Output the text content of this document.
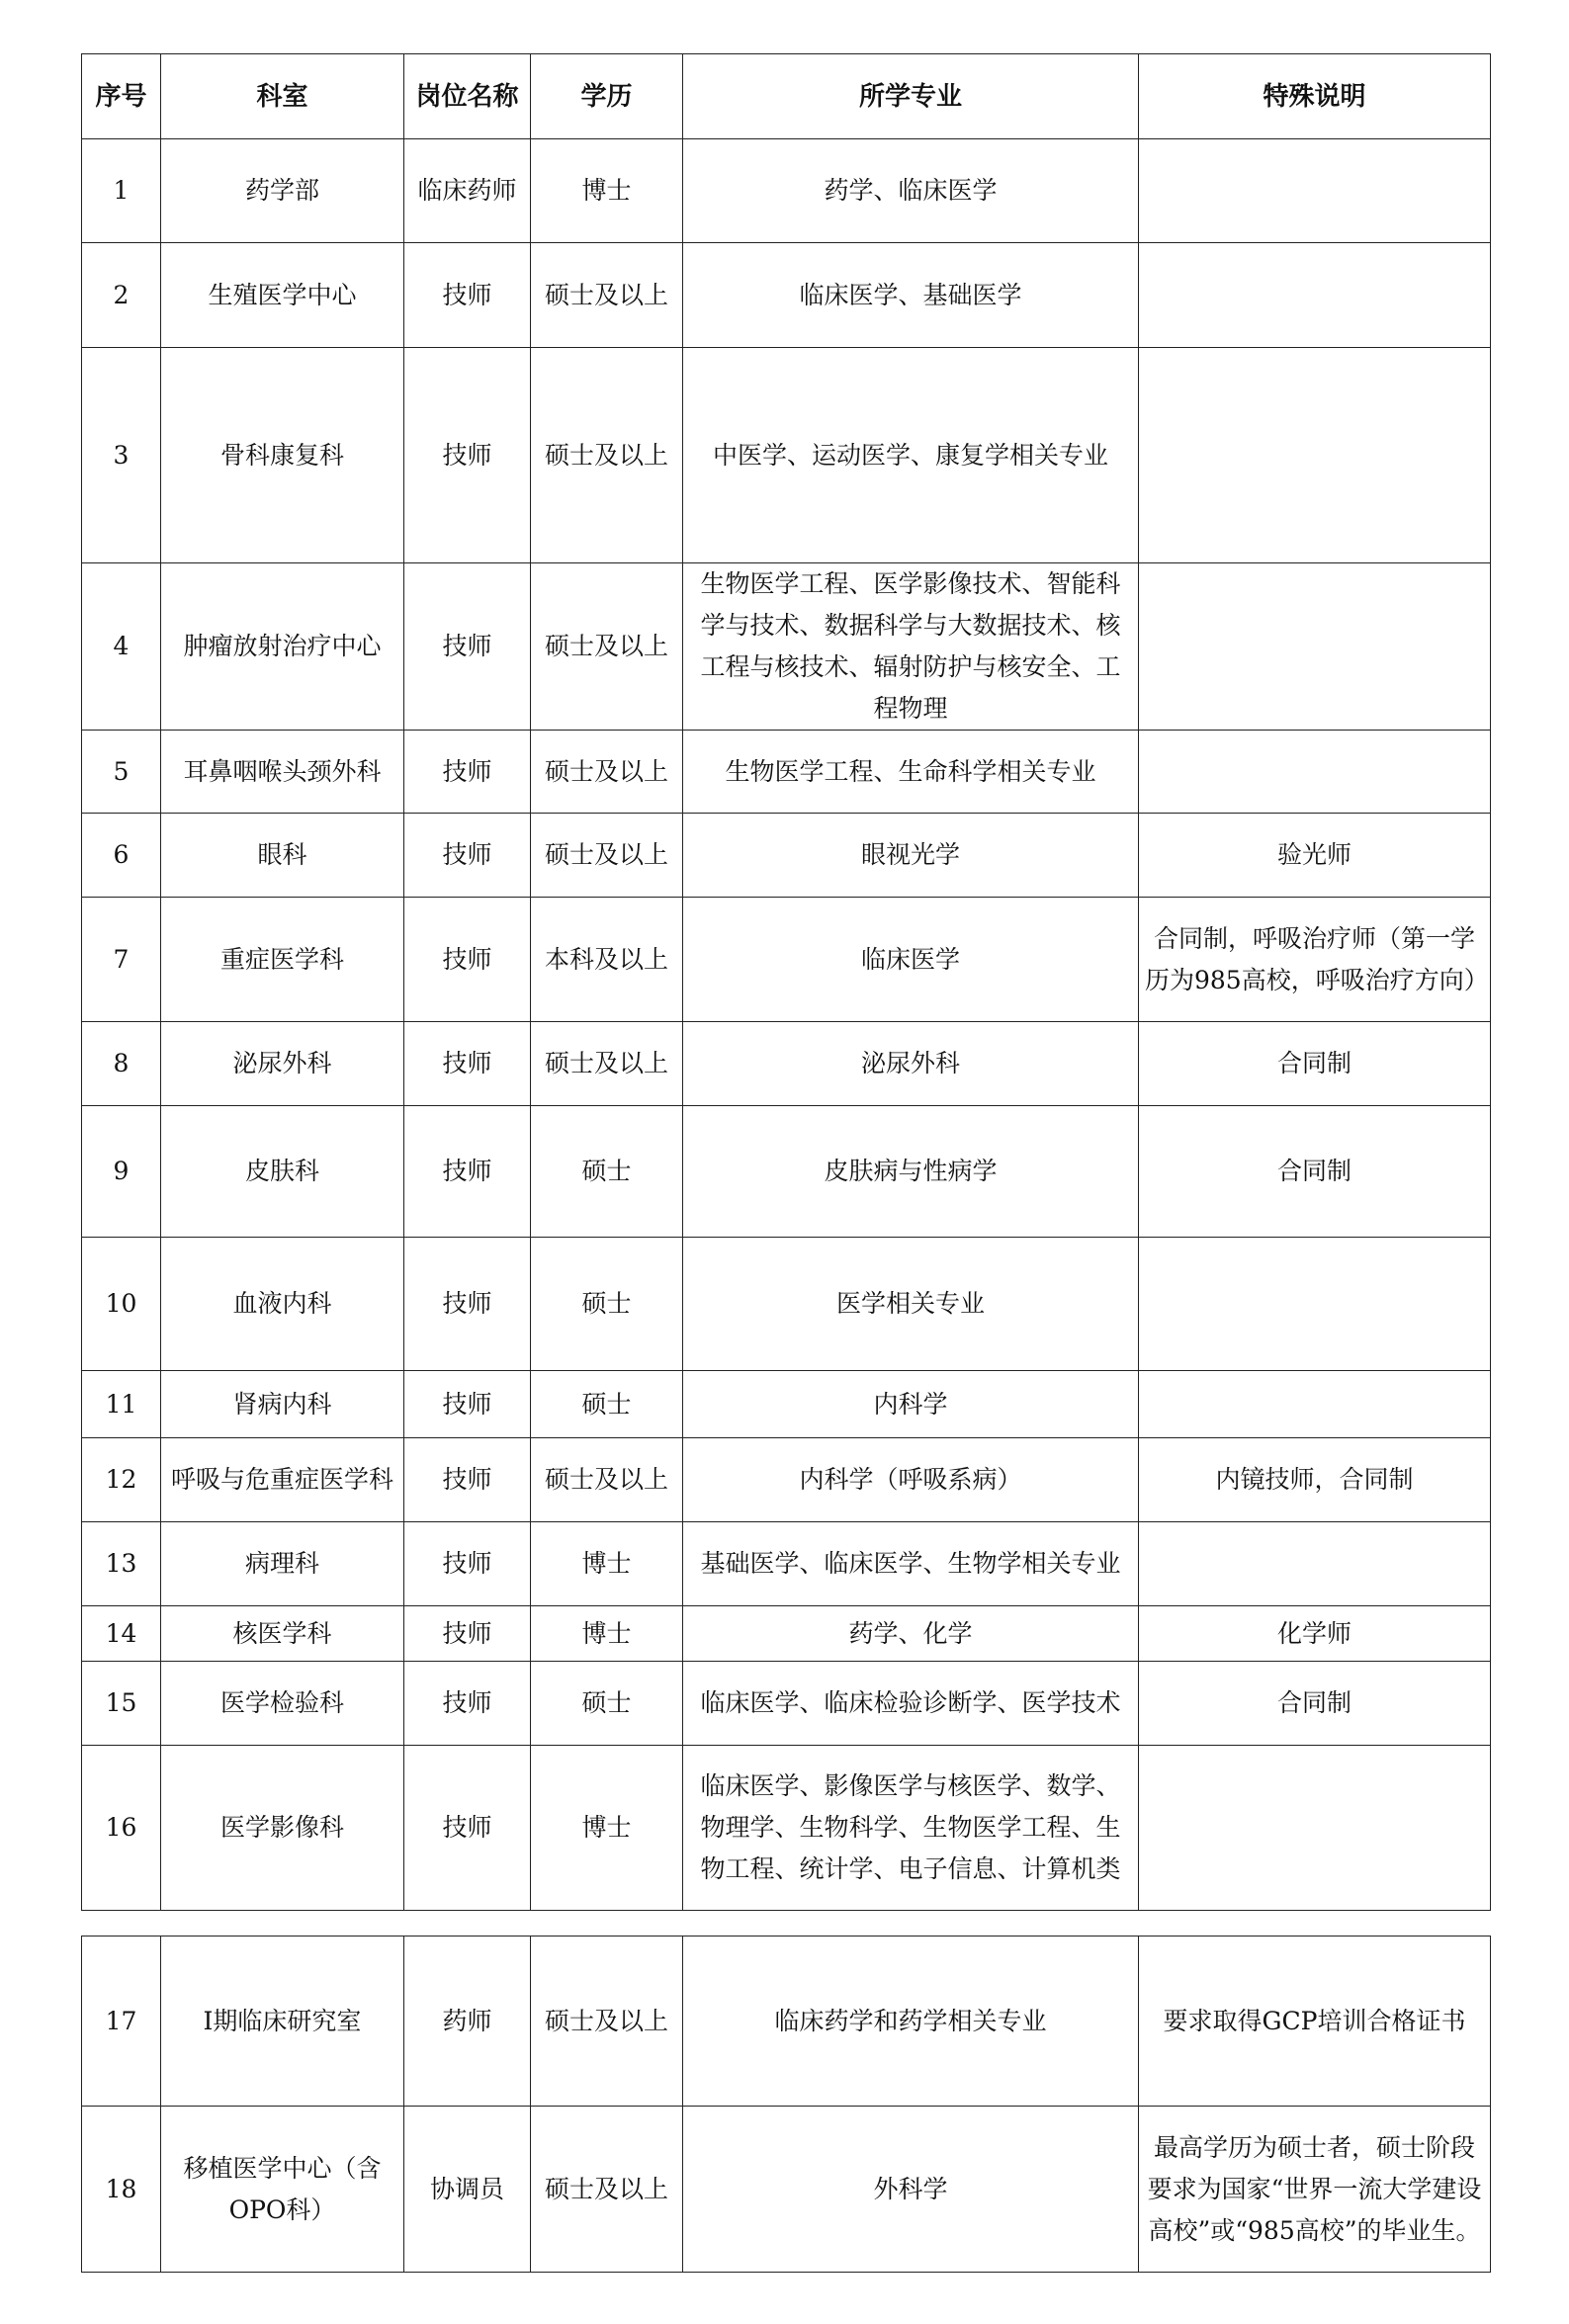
序号	科室	岗位名称	学历	所学专业	特殊说明
1	药学部	临床药师	博士	药学、临床医学	
2	生殖医学中心	技师	硕士及以上	临床医学、基础医学	
3	骨科康复科	技师	硕士及以上	中医学、运动医学、康复学相关专业	
4	肿瘤放射治疗中心	技师	硕士及以上	生物医学工程、医学影像技术、智能科学与技术、数据科学与大数据技术、核工程与核技术、辐射防护与核安全、工程物理	
5	耳鼻咽喉头颈外科	技师	硕士及以上	生物医学工程、生命科学相关专业	
6	眼科	技师	硕士及以上	眼视光学	验光师
7	重症医学科	技师	本科及以上	临床医学	合同制，呼吸治疗师（第一学历为985高校，呼吸治疗方向）
8	泌尿外科	技师	硕士及以上	泌尿外科	合同制
9	皮肤科	技师	硕士	皮肤病与性病学	合同制
10	血液内科	技师	硕士	医学相关专业	
11	肾病内科	技师	硕士	内科学	
12	呼吸与危重症医学科	技师	硕士及以上	内科学（呼吸系病）	内镜技师，合同制
13	病理科	技师	博士	基础医学、临床医学、生物学相关专业	
14	核医学科	技师	博士	药学、化学	化学师
15	医学检验科	技师	硕士	临床医学、临床检验诊断学、医学技术	合同制
16	医学影像科	技师	博士	临床医学、影像医学与核医学、数学、物理学、生物科学、生物医学工程、生物工程、统计学、电子信息、计算机类	
17	Ⅰ期临床研究室	药师	硕士及以上	临床药学和药学相关专业	要求取得GCP培训合格证书
18	移植医学中心（含OPO科）	协调员	硕士及以上	外科学	最高学历为硕士者，硕士阶段要求为国家“世界一流大学建设高校”或“985高校”的毕业生。
